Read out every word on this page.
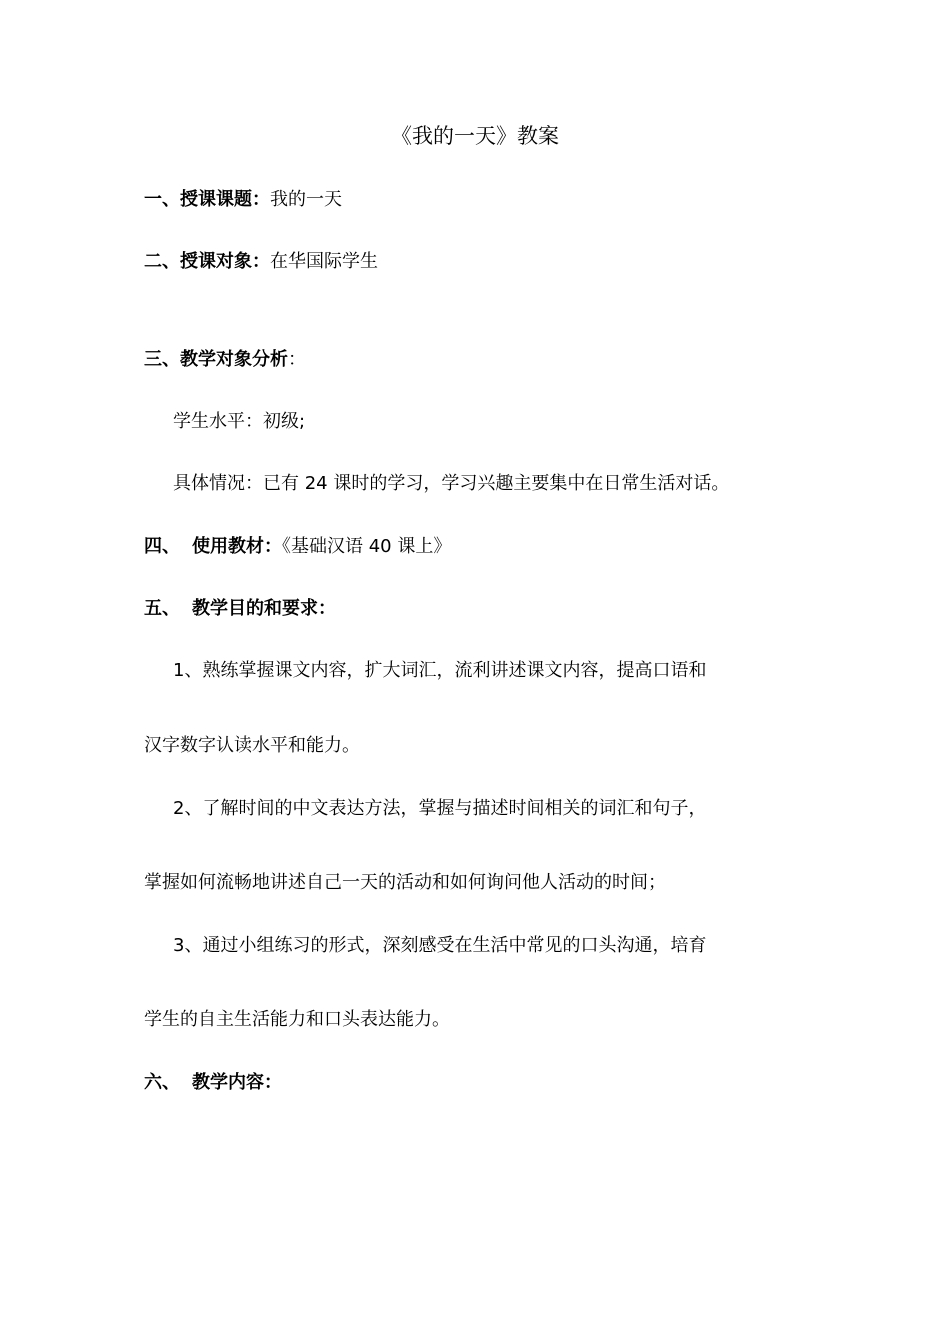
《我的一天》教案
一、授课课题：我的一天
二、授课对象：在华国际学生
三、教学对象分析：
学生水平：初级;
具体情况：已有 24 课时的学习，学习兴趣主要集中在日常生活对话。
四、 使用教材：《基础汉语 40 课上》
五、 教学目的和要求：
1、熟练掌握课文内容，扩大词汇，流利讲述课文内容，提高口语和
汉字数字认读水平和能力。
2、了解时间的中文表达方法，掌握与描述时间相关的词汇和句子，
掌握如何流畅地讲述自己一天的活动和如何询问他人活动的时间；
3、通过小组练习的形式，深刻感受在生活中常见的口头沟通，培育
学生的自主生活能力和口头表达能力。
六、 教学内容：
